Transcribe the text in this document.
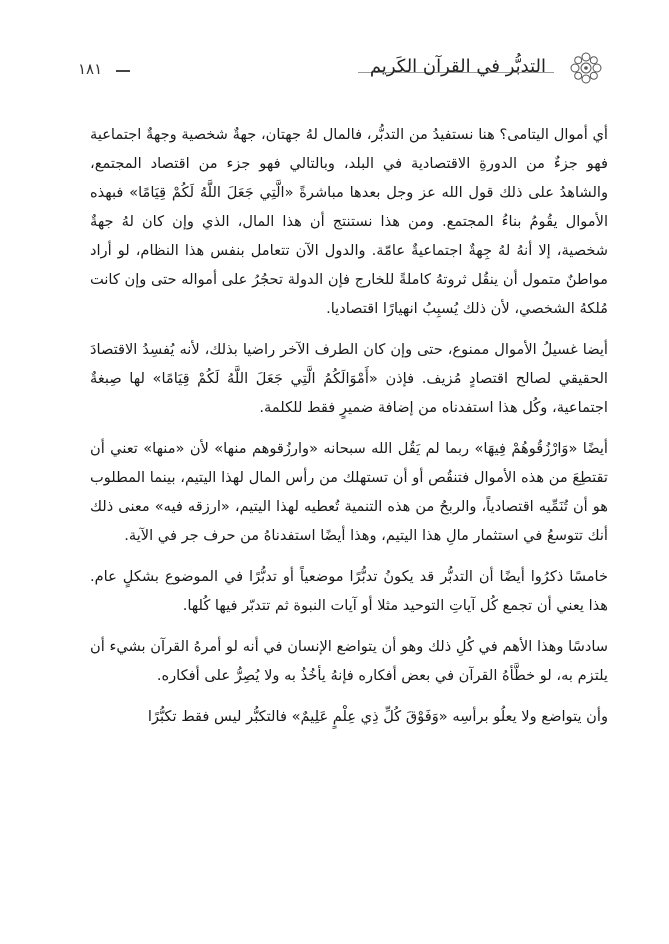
١٨١	التدبُّر في القرآن الكَريم

أي أموال اليتامى؟ هنا نستفيدُ من التدبُّر، فالمال لهُ جهتان، جهةٌ شخصية وجهةٌ اجتماعية فهو جزءٌ من الدورةِ الاقتصادية في البلد، وبالتالي فهو جزء من اقتصاد المجتمع، والشاهدُ على ذلك قول الله عز وجل بعدها مباشرةً «الَّتِي جَعَلَ اللَّهُ لَكُمْ قِيَامًا» فبهذه الأموال يقُومُ بناءُ المجتمع. ومن هذا نستنتج أن هذا المال، الذي وإن كان لهُ جهةٌ شخصية، إلا أنهُ لهُ جِهةٌ اجتماعيةٌ عامّة. والدول الآن تتعامل بنفس هذا النظام، لو أراد مواطنٌ متمول أن ينقُل ثروتهُ كاملةً للخارج فإن الدولة تحجُرُ على أمواله حتى وإن كانت مُلكهُ الشخصي، لأن ذلك يُسبِبُ انهيارًا اقتصاديا.

أيضا غسيلُ الأموال ممنوع، حتى وإن كان الطرف الآخر راضيا بذلك، لأنه يُفسِدُ الاقتصادَ الحقيقي لصالح اقتصادٍ مُزيف. فإذن «أَمْوَالَكُمُ الَّتِي جَعَلَ اللَّهُ لَكُمْ قِيَامًا» لها صِبغةٌ اجتماعية، وكُل هذا استفدناه من إضافة ضميرٍ فقط للكلمة.

أيضًا «وَارْزُقُوهُمْ فِيهَا» ربما لم يَقُل الله سبحانه «وارزُقوهم منها» لأن «منها» تعني أن تقتطِعَ من هذه الأموال فتنقُص أو أن تستهلك من رأس المال لهذا اليتيم، بينما المطلوب هو أن تُنَمِّيه اقتصادياً، والربحُ من هذه التنمية تُعطيه لهذا اليتيم، «ارزقه فيه» معنى ذلك أنك تتوسعُ في استثمار مالِ هذا اليتيم، وهذا أيضًا استفدناهُ من حرف جر في الآية.

خامسًا ذكرُوا أيضًا أن التدبُّر قد يكونُ تدبُّرًا موضعياً أو تدبُّرًا في الموضوع بشكلٍ عام. هذا يعني أن تجمع كُل آياتِ التوحيد مثلا أو آيات النبوة ثم تتدبّر فيها كُلها.

سادسًا وهذا الأهم في كُلِ ذلك وهو أن يتواضع الإنسان في أنه لو أمرهُ القرآن بشيء أن يلتزم به، لو خطَّأهُ القرآن في بعض أفكاره فإنهُ يأخُذُ به ولا يُصِرُّ على أفكاره.

وأن يتواضع ولا يعلُو برأسِه «وَفَوْقَ كُلِّ ذِي عِلْمٍ عَلِيمٌ» فالتكبُّر ليس فقط تكبُّرًا
